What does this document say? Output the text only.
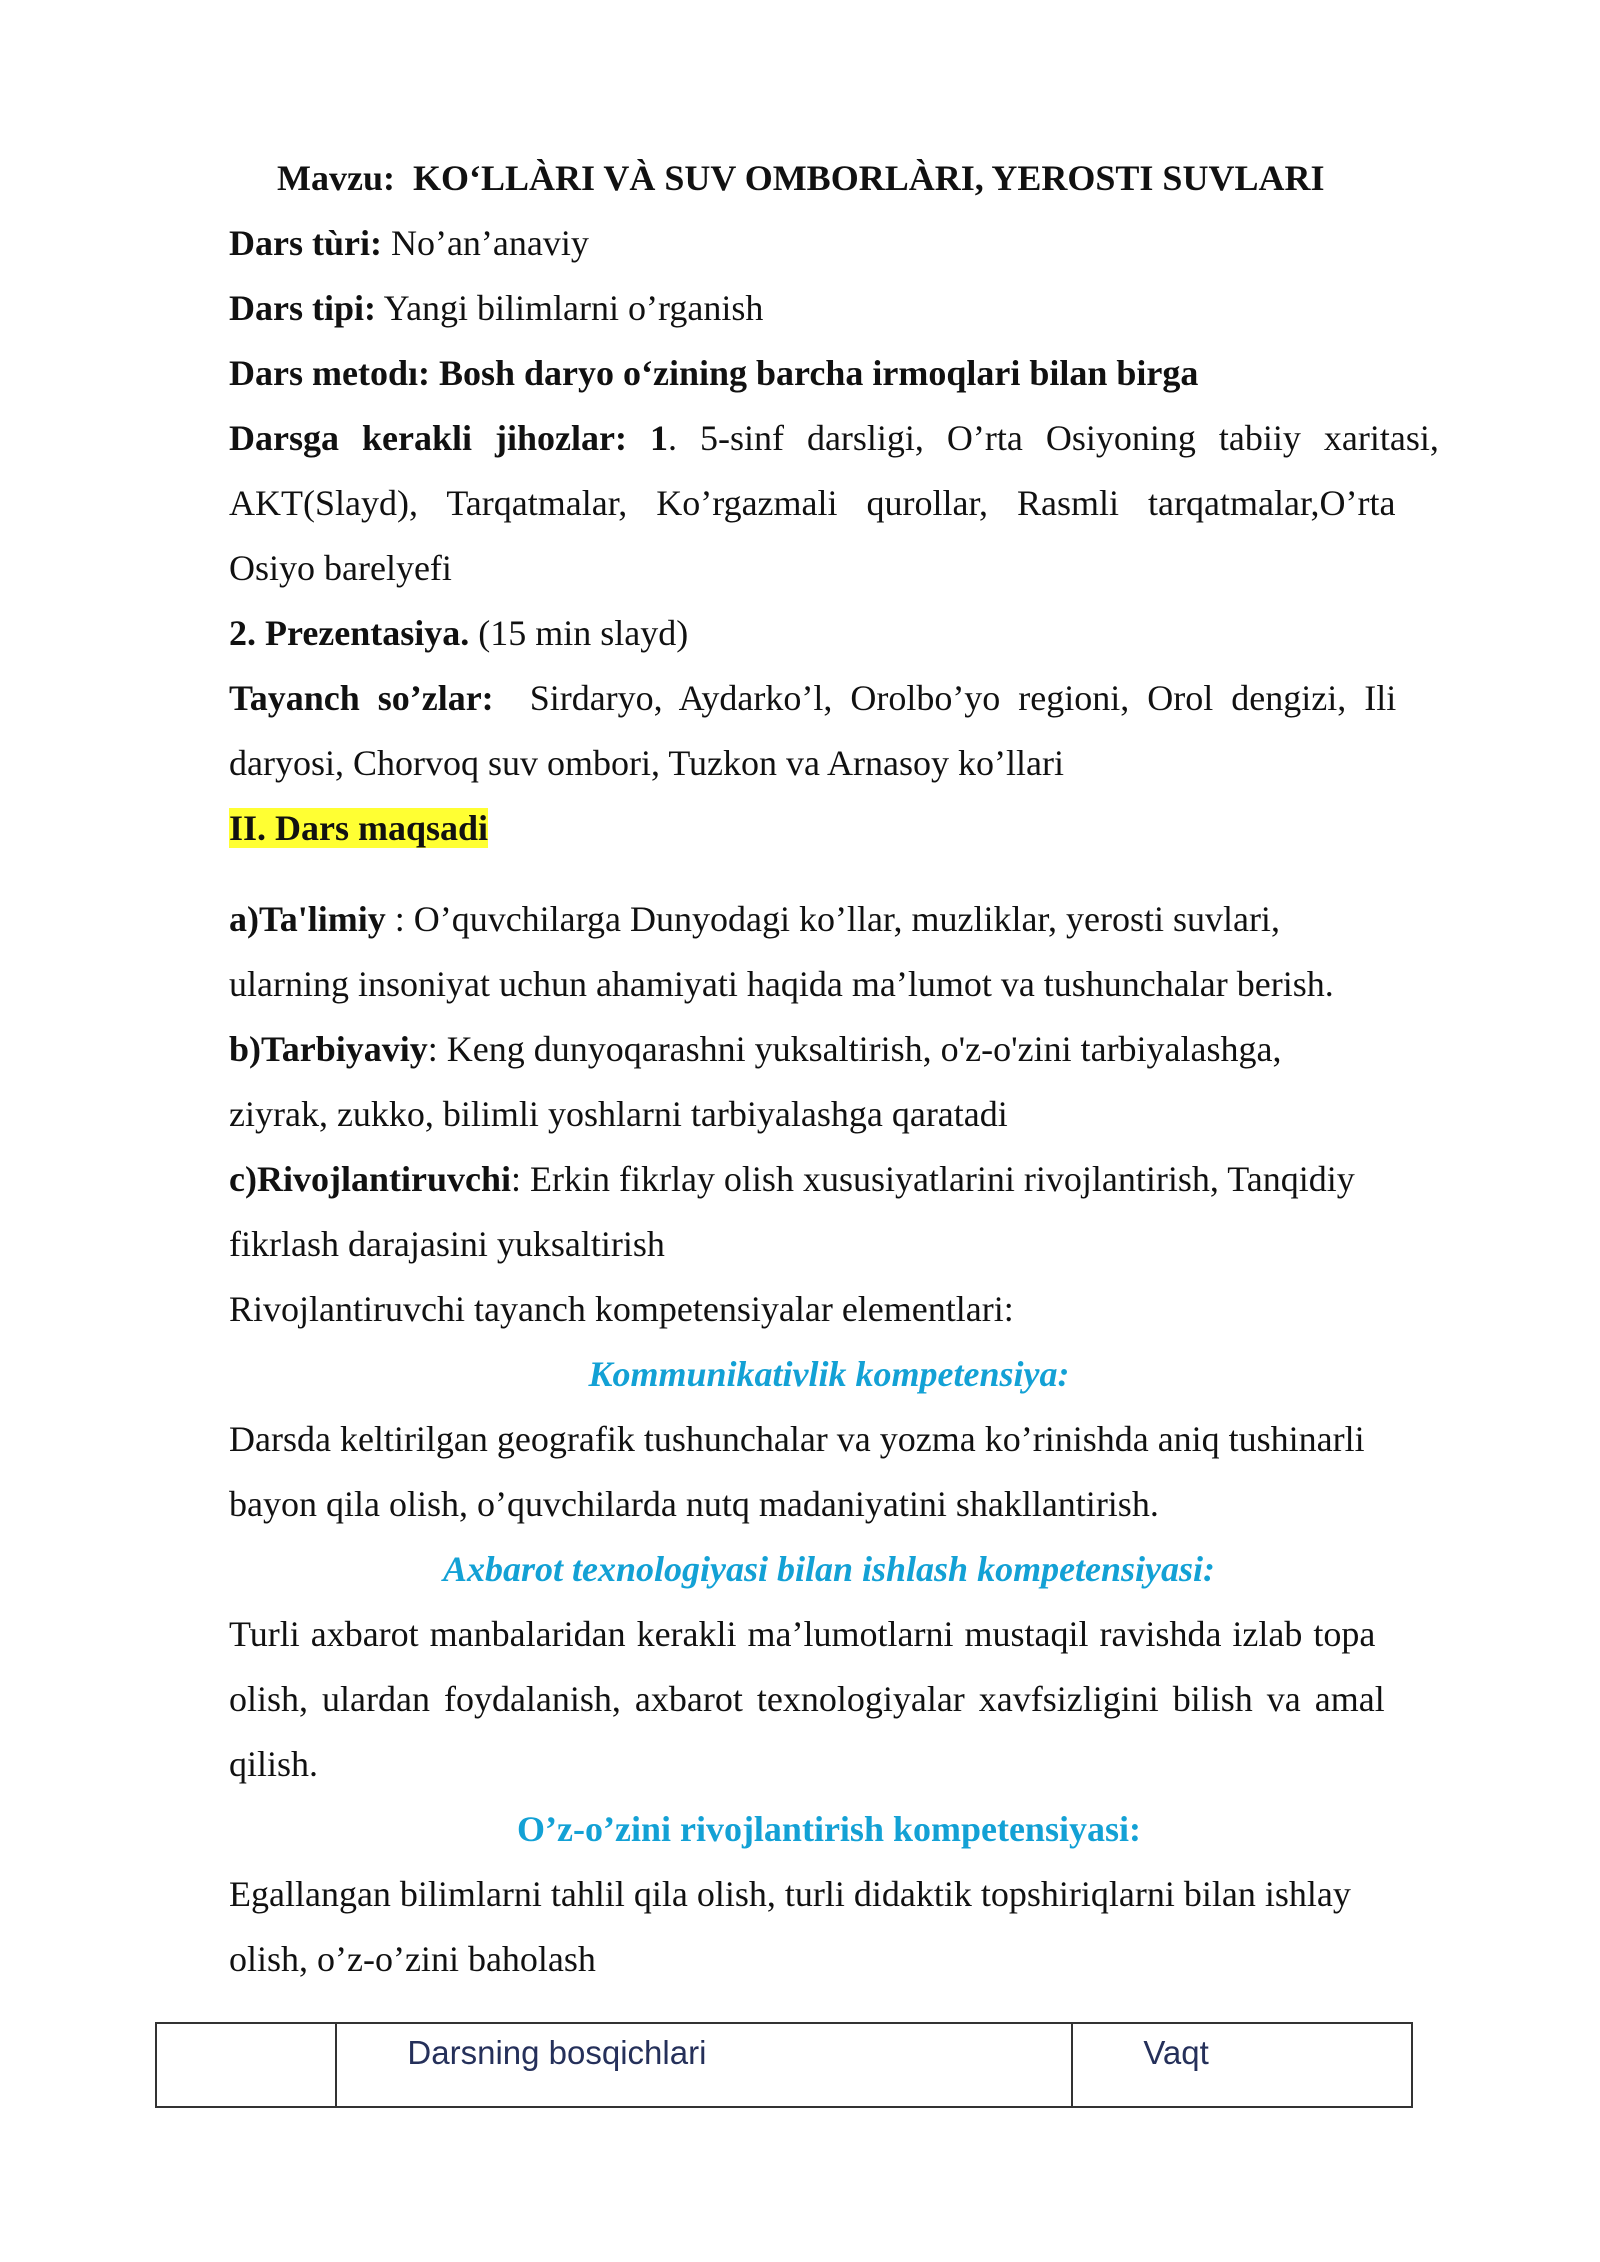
Mavzu: KO‘LLÀRI VÀ SUV OMBORLÀRI, YEROSTI SUVLARI
Dars tùri: No’an’anaviy
Dars tipi: Yangi bilimlarni o’rganish
Dars metodı: Bosh daryo o‘zining barcha irmoqlari bilan birga
Darsga kerakli jihozlar: 1. 5-sinf darsligi, O’rta Osiyoning tabiiy xaritasi,
AKT(Slayd), Tarqatmalar, Ko’rgazmali qurollar, Rasmli tarqatmalar,O’rta
Osiyo barelyefi
2. Prezentasiya. (15 min slayd)
Tayanch so’zlar: Sirdaryo, Aydarko’l, Orolbo’yo regioni, Orol dengizi, Ili
daryosi, Chorvoq suv ombori, Tuzkon va Arnasoy ko’llari
II. Dars maqsadi
a)Ta'limiy : O’quvchilarga Dunyodagi ko’llar, muzliklar, yerosti suvlari,
ularning insoniyat uchun ahamiyati haqida ma’lumot va tushunchalar berish.
b)Tarbiyaviy: Keng dunyoqarashni yuksaltirish, o'z-o'zini tarbiyalashga,
ziyrak, zukko, bilimli yoshlarni tarbiyalashga qaratadi
c)Rivojlantiruvchi: Erkin fikrlay olish xususiyatlarini rivojlantirish, Tanqidiy
fikrlash darajasini yuksaltirish
Rivojlantiruvchi tayanch kompetensiyalar elementlari:
Kommunikativlik kompetensiya:
Darsda keltirilgan geografik tushunchalar va yozma ko’rinishda aniq tushinarli
bayon qila olish, o’quvchilarda nutq madaniyatini shakllantirish.
Axbarot texnologiyasi bilan ishlash kompetensiyasi:
Turli axbarot manbalaridan kerakli ma’lumotlarni mustaqil ravishda izlab topa
olish, ulardan foydalanish, axbarot texnologiyalar xavfsizligini bilish va amal
qilish.
O’z-o’zini rivojlantirish kompetensiyasi:
Egallangan bilimlarni tahlil qila olish, turli didaktik topshiriqlarni bilan ishlay
olish, o’z-o’zini baholash
	Darsning bosqichlari	Vaqt
